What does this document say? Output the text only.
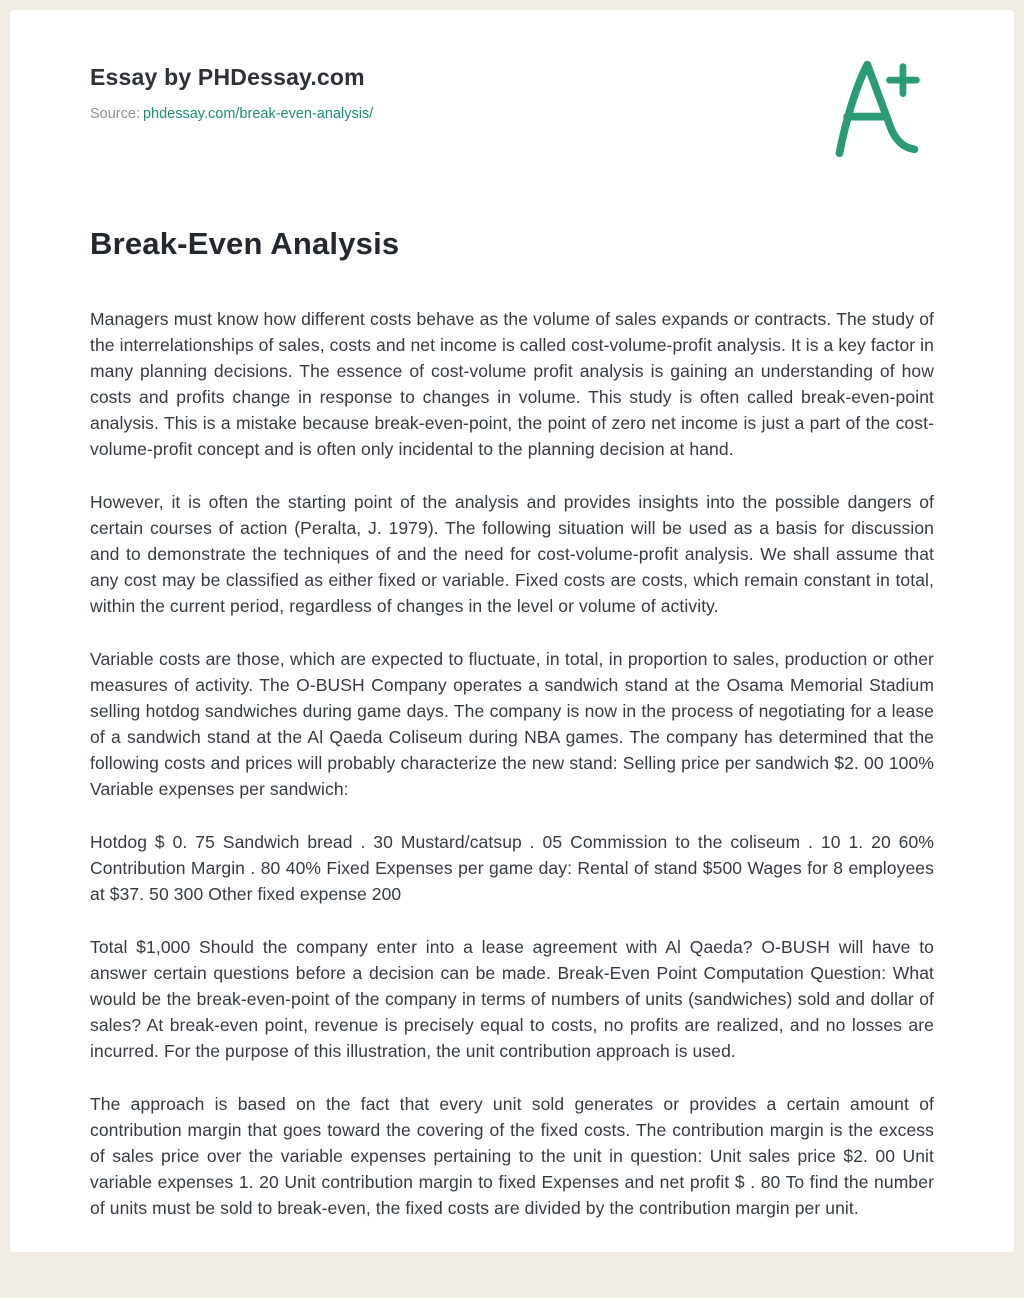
Essay by PHDessay.com
Source: phdessay.com/break-even-analysis/
Break-Even Analysis

Managers must know how different costs behave as the volume of sales expands or contracts. The study of the interrelationships of sales, costs and net income is called cost-volume-profit analysis. It is a key factor in many planning decisions. The essence of cost-volume profit analysis is gaining an understanding of how costs and profits change in response to changes in volume. This study is often called break-even-point analysis. This is a mistake because break-even-point, the point of zero net income is just a part of the cost-volume-profit concept and is often only incidental to the planning decision at hand.

However, it is often the starting point of the analysis and provides insights into the possible dangers of certain courses of action (Peralta, J. 1979). The following situation will be used as a basis for discussion and to demonstrate the techniques of and the need for cost-volume-profit analysis. We shall assume that any cost may be classified as either fixed or variable. Fixed costs are costs, which remain constant in total, within the current period, regardless of changes in the level or volume of activity.

Variable costs are those, which are expected to fluctuate, in total, in proportion to sales, production or other measures of activity. The O-BUSH Company operates a sandwich stand at the Osama Memorial Stadium selling hotdog sandwiches during game days. The company is now in the process of negotiating for a lease of a sandwich stand at the Al Qaeda Coliseum during NBA games. The company has determined that the following costs and prices will probably characterize the new stand: Selling price per sandwich $2. 00 100% Variable expenses per sandwich:

Hotdog $ 0. 75 Sandwich bread . 30 Mustard/catsup . 05 Commission to the coliseum . 10 1. 20 60% Contribution Margin . 80 40% Fixed Expenses per game day: Rental of stand $500 Wages for 8 employees at $37. 50 300 Other fixed expense 200

Total $1,000 Should the company enter into a lease agreement with Al Qaeda? O-BUSH will have to answer certain questions before a decision can be made. Break-Even Point Computation Question: What would be the break-even-point of the company in terms of numbers of units (sandwiches) sold and dollar of sales? At break-even point, revenue is precisely equal to costs, no profits are realized, and no losses are incurred. For the purpose of this illustration, the unit contribution approach is used.

The approach is based on the fact that every unit sold generates or provides a certain amount of contribution margin that goes toward the covering of the fixed costs. The contribution margin is the excess of sales price over the variable expenses pertaining to the unit in question: Unit sales price $2. 00 Unit variable expenses 1. 20 Unit contribution margin to fixed Expenses and net profit $ . 80 To find the number of units must be sold to break-even, the fixed costs are divided by the contribution margin per unit.
